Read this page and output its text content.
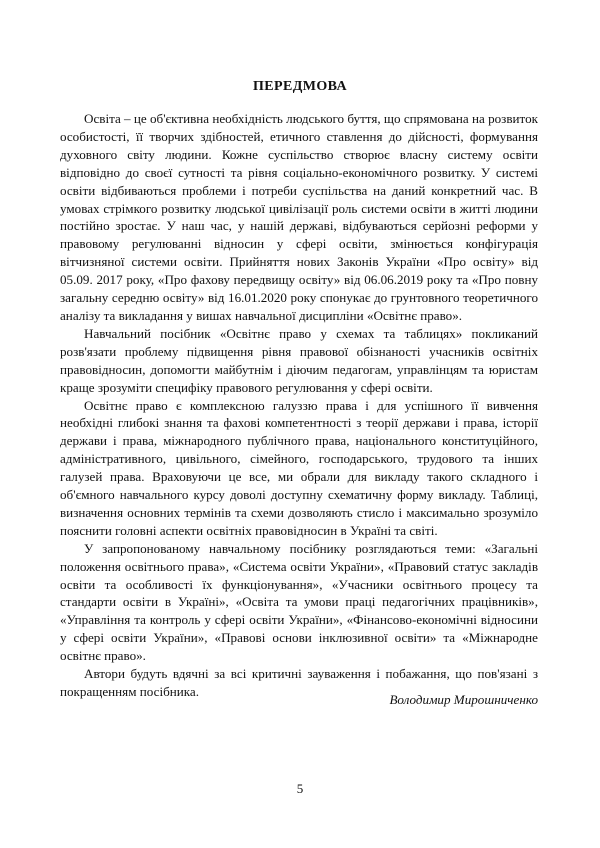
ПЕРЕДМОВА

Освіта – це об'єктивна необхідність людського буття, що спрямована на розвиток особистості, її творчих здібностей, етичного ставлення до дійсності, формування духовного світу людини. Кожне суспільство створює власну систему освіти відповідно до своєї сутності та рівня соціально-економічного розвитку. У системі освіти відбиваються проблеми і потреби суспільства на даний конкретний час. В умовах стрімкого розвитку людської цивілізації роль системи освіти в житті людини постійно зростає. У наш час, у нашій державі, відбуваються серйозні реформи у правовому регулюванні відносин у сфері освіти, змінюється конфігурація вітчизняної системи освіти. Прийняття нових Законів України «Про освіту» від 05.09. 2017 року, «Про фахову передвищу освіту» від 06.06.2019 року та «Про повну загальну середню освіту» від 16.01.2020 року спонукає до грунтовного теоретичного аналізу та викладання у вишах навчальної дисципліни «Освітнє право».

Навчальний посібник «Освітнє право у схемах та таблицях» покликаний розв'язати проблему підвищення рівня правової обізнаності учасників освітніх правовідносин, допомогти майбутнім і діючим педагогам, управлінцям та юристам краще зрозуміти специфіку правового регулювання у сфері освіти.

Освітнє право є комплексною галуззю права і для успішного її вивчення необхідні глибокі знання та фахові компетентності з теорії держави і права, історії держави і права, міжнародного публічного права, національного конституційного, адміністративного, цивільного, сімейного, господарського, трудового та інших галузей права. Враховуючи це все, ми обрали для викладу такого складного і об'ємного навчального курсу доволі доступну схематичну форму викладу. Таблиці, визначення основних термінів та схеми дозволяють стисло і максимально зрозуміло пояснити головні аспекти освітніх правовідносин в Україні та світі.

У запропонованому навчальному посібнику розглядаються теми: «Загальні положення освітнього права», «Система освіти України», «Правовий статус закладів освіти та особливості їх функціонування», «Учасники освітнього процесу та стандарти освіти в Україні», «Освіта та умови праці педагогічних працівників», «Управління та контроль у сфері освіти України», «Фінансово-економічні відносини у сфері освіти України», «Правові основи інклюзивної освіти» та «Міжнародне освітнє право».

Автори будуть вдячні за всі критичні зауваження і побажання, що пов'язані з покращенням посібника.

Володимир Мирошниченко
5
